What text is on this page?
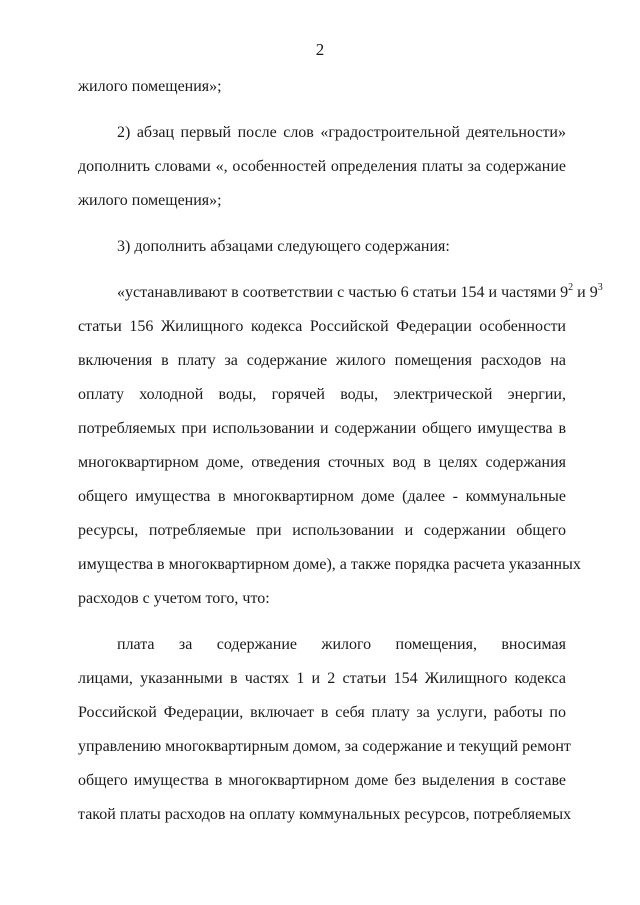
2
жилого помещения»;
2) абзац первый после слов «градостроительной деятельности»
дополнить словами «, особенностей определения платы за содержание
жилого помещения»;
3) дополнить абзацами следующего содержания:
«устанавливают в соответствии с частью 6 статьи 154 и частями $9^2$ и $9^3$
статьи 156 Жилищного кодекса Российской Федерации особенности
включения в плату за содержание жилого помещения расходов на
оплату холодной воды, горячей воды, электрической энергии,
потребляемых при использовании и содержании общего имущества в
многоквартирном доме, отведения сточных вод в целях содержания
общего имущества в многоквартирном доме (далее - коммунальные
ресурсы, потребляемые при использовании и содержании общего
имущества в многоквартирном доме), а также порядка расчета указанных
расходов с учетом того, что:
плата за содержание жилого помещения, вносимая
лицами, указанными в частях 1 и 2 статьи 154 Жилищного кодекса
Российской Федерации, включает в себя плату за услуги, работы по
управлению многоквартирным домом, за содержание и текущий ремонт
общего имущества в многоквартирном доме без выделения в составе
такой платы расходов на оплату коммунальных ресурсов, потребляемых
